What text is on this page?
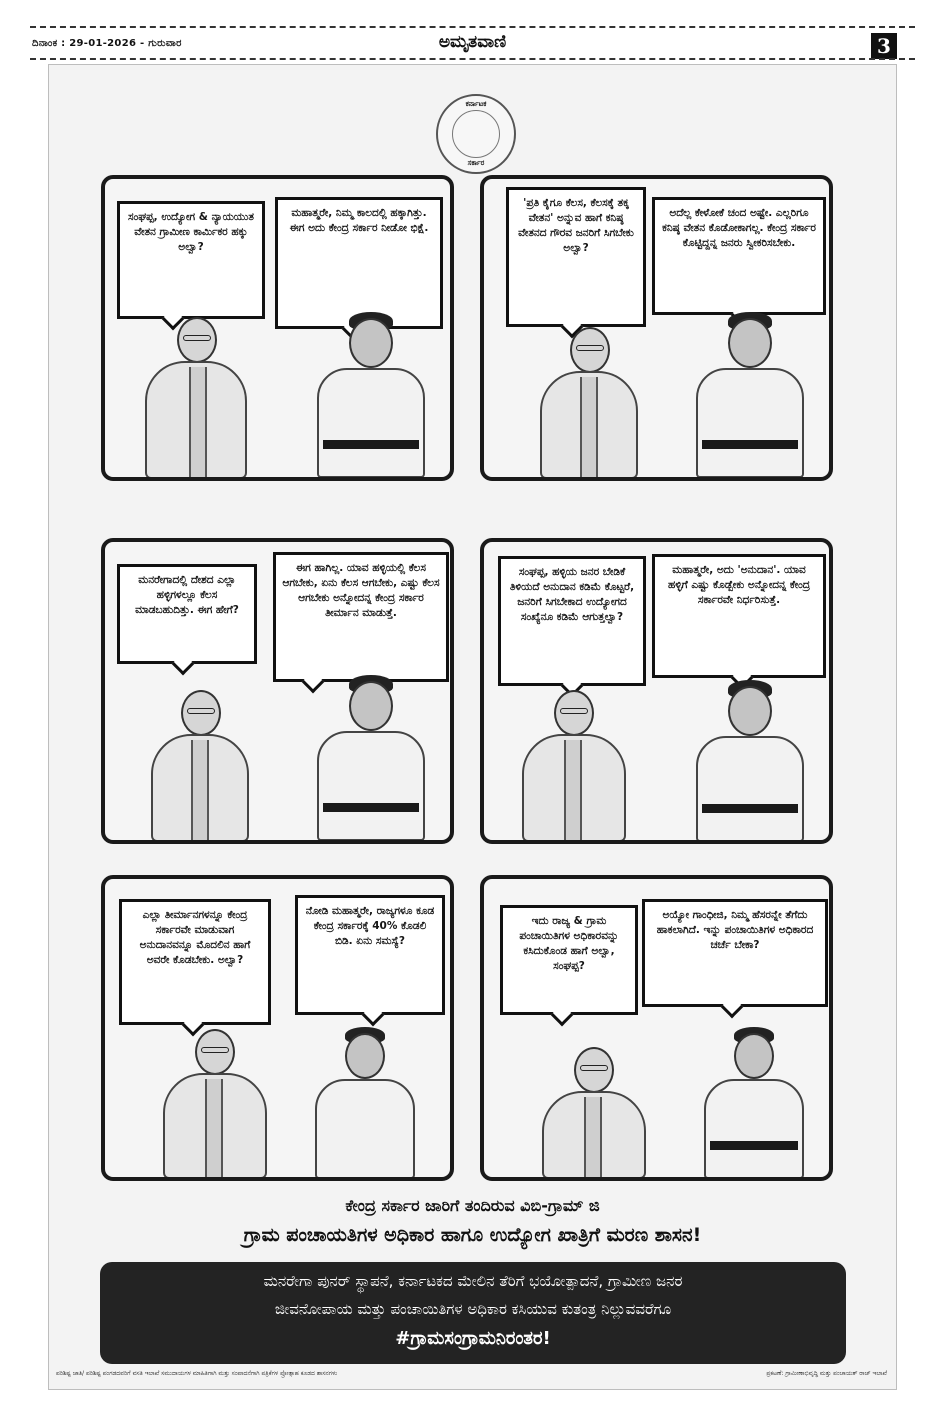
ದಿನಾಂಕ : 29-01-2026 - ಗುರುವಾರ	ಅಮೃತವಾಣಿ	3
ಕರ್ನಾಟಕ
ಸರ್ಕಾರ
ಸಂಘಪ್ಪ, ಉದ್ಯೋಗ & ನ್ಯಾಯಯುತ ವೇತನ ಗ್ರಾಮೀಣ ಕಾರ್ಮಿಕರ ಹಕ್ಕು ಅಲ್ವಾ?
ಮಹಾತ್ಮರೇ, ನಿಮ್ಮ ಕಾಲದಲ್ಲಿ ಹಕ್ಕಾಗಿತ್ತು. ಈಗ ಅದು ಕೇಂದ್ರ ಸರ್ಕಾರ ನೀಡೋ ಭಿಕ್ಷೆ.
'ಪ್ರತಿ ಕೈಗೂ ಕೆಲಸ, ಕೆಲಸಕ್ಕೆ ತಕ್ಕ ವೇತನ' ಅನ್ನುವ ಹಾಗೆ ಕನಿಷ್ಠ ವೇತನದ ಗೌರವ ಜನರಿಗೆ ಸಿಗಬೇಕು ಅಲ್ವಾ?
ಅದೆಲ್ಲ ಕೇಳೋಕೆ ಚಂದ ಅಷ್ಟೇ. ಎಲ್ಲರಿಗೂ ಕನಿಷ್ಠ ವೇತನ ಕೊಡೋಕಾಗಲ್ಲ. ಕೇಂದ್ರ ಸರ್ಕಾರ ಕೊಟ್ಟಿದ್ದನ್ನ ಜನರು ಸ್ವೀಕರಿಸಬೇಕು.
ಮನರೇಗಾದಲ್ಲಿ ದೇಶದ ಎಲ್ಲಾ ಹಳ್ಳಿಗಳಲ್ಲೂ ಕೆಲಸ ಮಾಡಬಹುದಿತ್ತು. ಈಗ ಹೇಗೆ?
ಈಗ ಹಾಗಿಲ್ಲ. ಯಾವ ಹಳ್ಳಿಯಲ್ಲಿ ಕೆಲಸ ಆಗಬೇಕು, ಏನು ಕೆಲಸ ಆಗಬೇಕು, ಎಷ್ಟು ಕೆಲಸ ಆಗಬೇಕು ಅನ್ನೋದನ್ನ ಕೇಂದ್ರ ಸರ್ಕಾರ ತೀರ್ಮಾನ ಮಾಡುತ್ತೆ.
ಸಂಘಪ್ಪ, ಹಳ್ಳಿಯ ಜನರ ಬೇಡಿಕೆ ತಿಳಿಯದೆ ಅನುದಾನ ಕಡಿಮೆ ಕೊಟ್ಟರೆ, ಜನರಿಗೆ ಸಿಗಬೇಕಾದ ಉದ್ಯೋಗದ ಸಂಖ್ಯೆನೂ ಕಡಿಮೆ ಆಗುತ್ತಲ್ವಾ?
ಮಹಾತ್ಮರೇ, ಅದು 'ಅನುದಾನ'. ಯಾವ ಹಳ್ಳಿಗೆ ಎಷ್ಟು ಕೊಡ್ಬೇಕು ಅನ್ನೋದನ್ನ ಕೇಂದ್ರ ಸರ್ಕಾರವೇ ನಿರ್ಧರಿಸುತ್ತೆ.
ಎಲ್ಲಾ ತೀರ್ಮಾನಗಳನ್ನೂ ಕೇಂದ್ರ ಸರ್ಕಾರವೇ ಮಾಡುವಾಗ ಅನುದಾನವನ್ನೂ ಮೊದಲಿನ ಹಾಗೆ ಅವರೇ ಕೊಡಬೇಕು. ಅಲ್ವಾ?
ನೋಡಿ ಮಹಾತ್ಮರೇ, ರಾಜ್ಯಗಳೂ ಕೂಡ ಕೇಂದ್ರ ಸರ್ಕಾರಕ್ಕೆ 40% ಕೊಡಲಿ ಬಿಡಿ. ಏನು ಸಮಸ್ಯೆ?
ಇದು ರಾಜ್ಯ & ಗ್ರಾಮ ಪಂಚಾಯಿತಿಗಳ ಅಧಿಕಾರವನ್ನು ಕಸಿದುಕೊಂಡ ಹಾಗೆ ಅಲ್ವಾ, ಸಂಘಪ್ಪ?
ಅಯ್ಯೋ ಗಾಂಧೀಜಿ, ನಿಮ್ಮ ಹೆಸರನ್ನೇ ತೆಗೆದು ಹಾಕಲಾಗಿದೆ. ಇನ್ನು ಪಂಚಾಯಿತಿಗಳ ಅಧಿಕಾರದ ಚರ್ಚೆ ಬೇಕಾ?
ಕೇಂದ್ರ ಸರ್ಕಾರ ಜಾರಿಗೆ ತಂದಿರುವ ವಿಬಿ-ಗ್ರಾಮ್ ಜಿ
ಗ್ರಾಮ ಪಂಚಾಯತಿಗಳ ಅಧಿಕಾರ ಹಾಗೂ ಉದ್ಯೋಗ ಖಾತ್ರಿಗೆ ಮರಣ ಶಾಸನ!
ಮನರೇಗಾ ಪುನರ್ ಸ್ಥಾಪನೆ, ಕರ್ನಾಟಕದ ಮೇಲಿನ ತೆರಿಗೆ ಭಯೋತ್ಪಾದನೆ, ಗ್ರಾಮೀಣ ಜನರ
ಜೀವನೋಪಾಯ ಮತ್ತು ಪಂಚಾಯಿತಿಗಳ ಅಧಿಕಾರ ಕಸಿಯುವ ಕುತಂತ್ರ ನಿಲ್ಲುವವರೆಗೂ
#ಗ್ರಾಮಸಂಗ್ರಾಮನಿರಂತರ!
ಪರಿಶಿಷ್ಟ ಜಾತಿ/ ಪರಿಶಿಷ್ಟ ಪಂಗಡದವರಿಗೆ ವಸತಿ ಇಲಾಖೆ ಸಮುದಾಯಗಳ ಮಾಹಿತಿಗಾಗಿ ಮತ್ತು ಸಂಪಾದನೆಗಾಗಿ ಪತ್ರಿಕೆಗಳ ಪ್ರೋತ್ಸಾಹ ಕೂಡದ ಶಾಸನಗಳು	ಪ್ರಕಟಣೆ: ಗ್ರಾಮೀಣಾಭಿವೃದ್ಧಿ ಮತ್ತು ಪಂಚಾಯತ್ ರಾಜ್ ಇಲಾಖೆ
